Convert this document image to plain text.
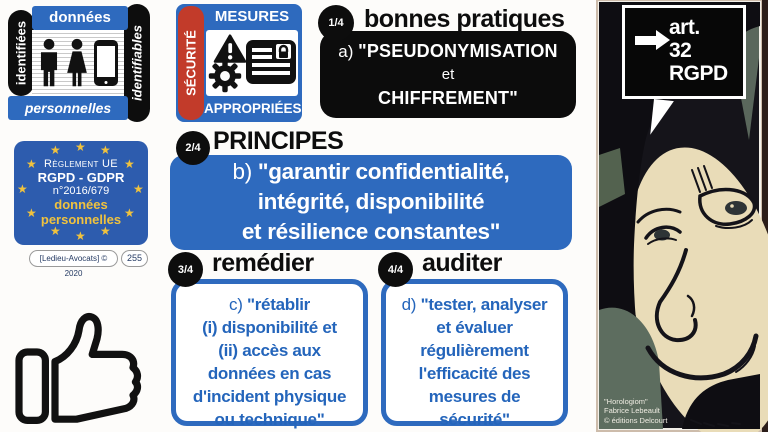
identifiées	identifiables
données
personnelles
SÉCURITÉ
MESURES
APPROPRIÉES
1/4 bonnes pratiques
a) "PSEUDONYMISATION
et
CHIFFREMENT"
2/4 PRINCIPES
b) "garantir confidentialité,
intégrité, disponibilité
et résilience constantes"
★ ★ ★
★	★
★	★
★	★
★ ★ ★
Règlement UE
RGPD - GDPR
n°2016/679
données
personnelles
[Ledieu-Avocats] © 2020
255
3/4 remédier
c) "rétablir
(i) disponibilité et
(ii) accès aux
données en cas
d'incident physique
ou technique"
4/4 auditer
d) "tester, analyser
et évaluer
régulièrement
l'efficacité des
mesures de
sécurité"
art.
32
RGPD
"Horologiom"
Fabrice Lebeault
© éditions Delcourt
